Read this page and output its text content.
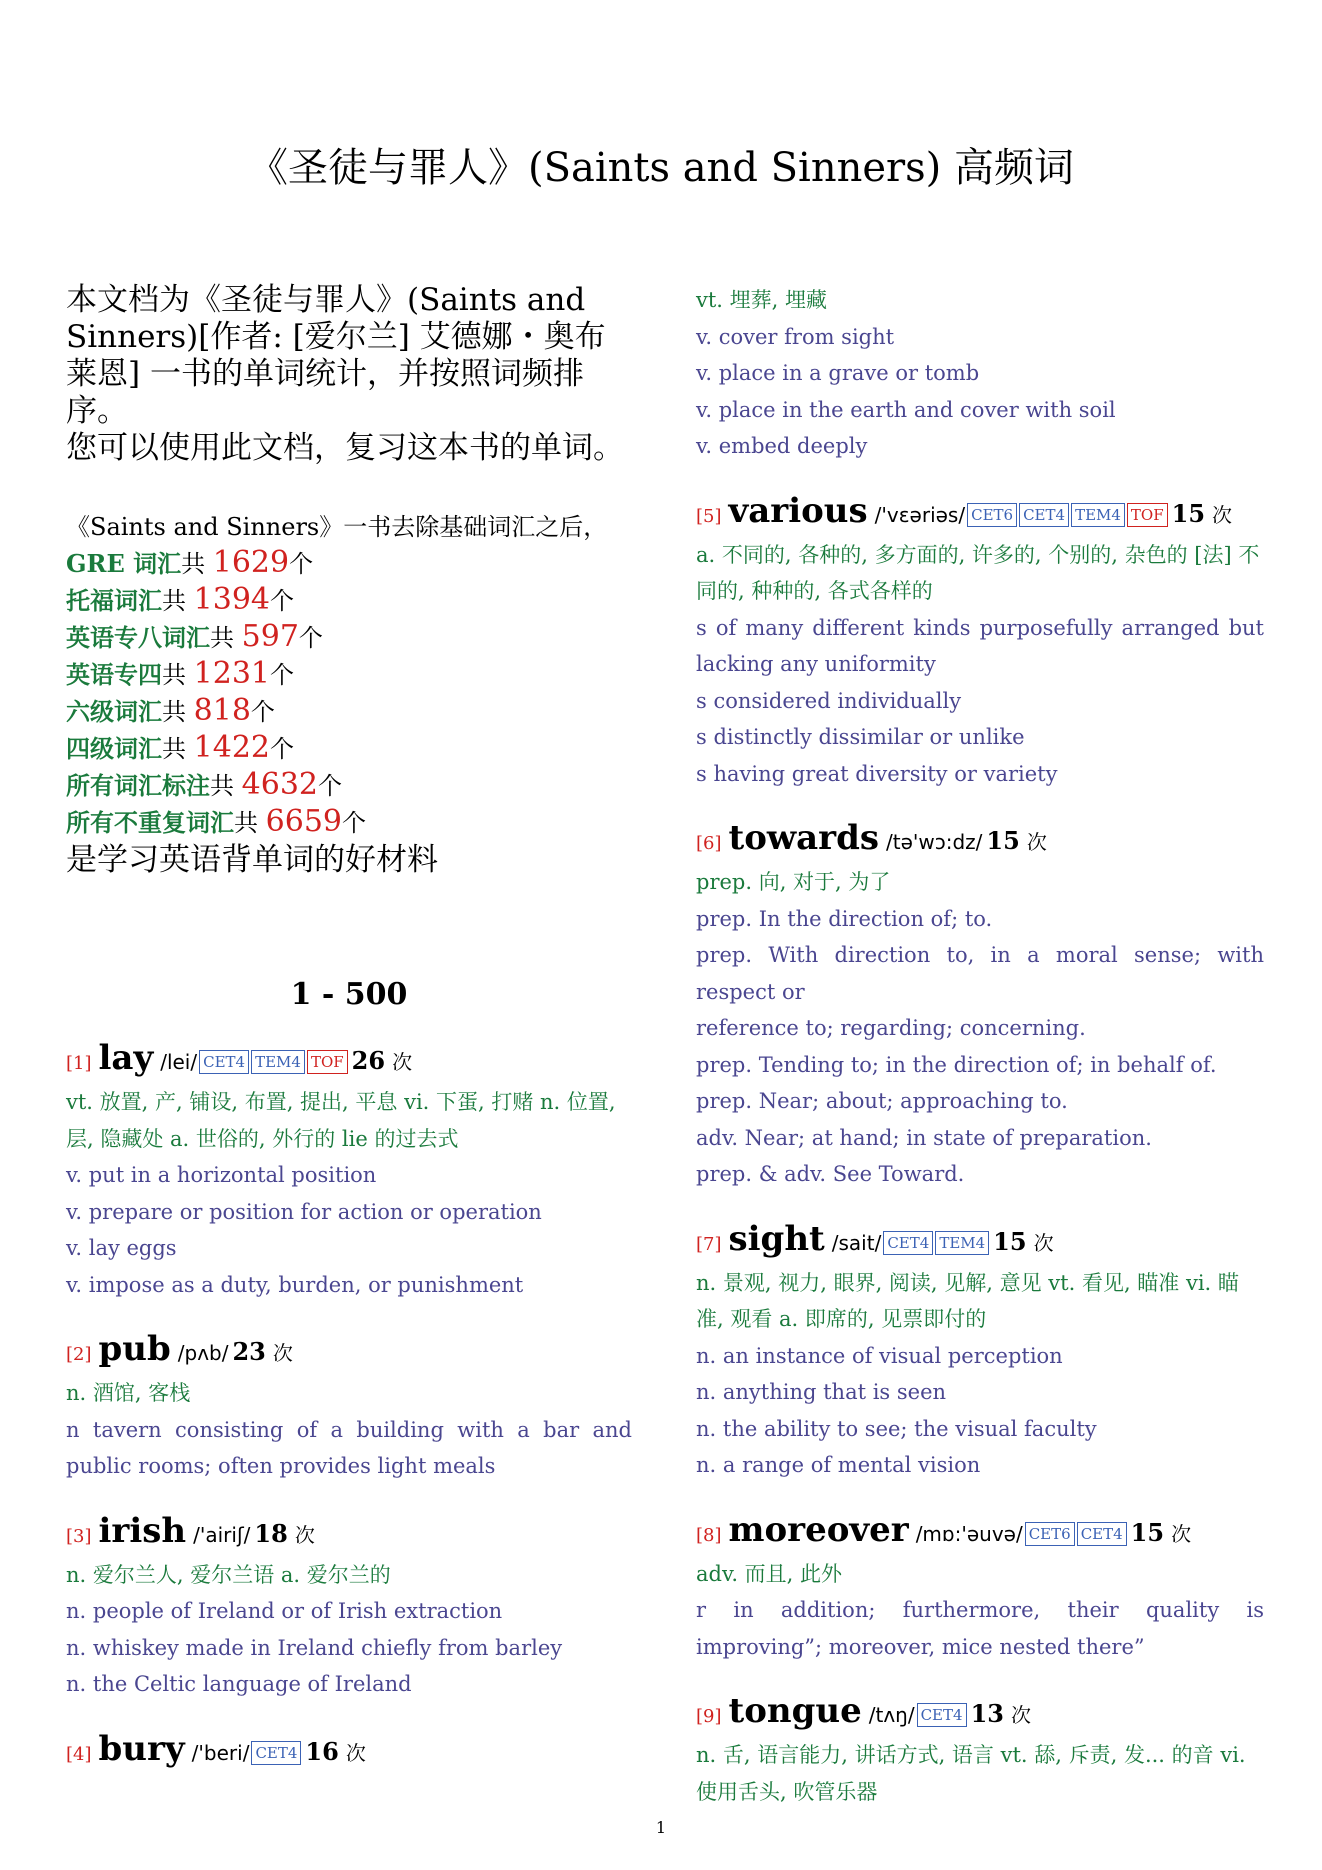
《圣徒与罪人》(Saints and Sinners) 高频词

本文档为《圣徒与罪人》(Saints and Sinners)[作者: [爱尔兰] 艾德娜・奥布莱恩] 一书的单词统计，并按照词频排序。

您可以使用此文档，复习这本书的单词。

《Saints and Sinners》一书去除基础词汇之后，
GRE 词汇共 1629个
托福词汇共 1394个
英语专八词汇共 597个
英语专四共 1231个
六级词汇共 818个
四级词汇共 1422个
所有词汇标注共 4632个
所有不重复词汇共 6659个
是学习英语背单词的好材料
1 - 500
[1] lay /lei/ CET4 TEM4 TOF 26 次
vt. 放置, 产, 铺设, 布置, 提出, 平息 vi. 下蛋, 打赌 n. 位置, 层, 隐藏处 a. 世俗的, 外行的 lie 的过去式
v. put in a horizontal position
v. prepare or position for action or operation
v. lay eggs
v. impose as a duty, burden, or punishment
[2] pub /pʌb/ 23 次
n. 酒馆, 客栈
n tavern consisting of a building with a bar and public rooms; often provides light meals
[3] irish /'airiʃ/ 18 次
n. 爱尔兰人, 爱尔兰语 a. 爱尔兰的
n. people of Ireland or of Irish extraction
n. whiskey made in Ireland chiefly from barley
n. the Celtic language of Ireland
[4] bury /'beri/ CET4 16 次
vt. 埋葬, 埋藏
v. cover from sight
v. place in a grave or tomb
v. place in the earth and cover with soil
v. embed deeply
[5] various /'vɛəriəs/ CET6 CET4 TEM4 TOF 15 次
a. 不同的, 各种的, 多方面的, 许多的, 个别的, 杂色的 [法] 不同的, 种种的, 各式各样的
s of many different kinds purposefully arranged but lacking any uniformity
s considered individually
s distinctly dissimilar or unlike
s having great diversity or variety
[6] towards /tə'wɔ:dz/ 15 次
prep. 向, 对于, 为了
prep. In the direction of; to.
prep. With direction to, in a moral sense; with respect or
reference to; regarding; concerning.
prep. Tending to; in the direction of; in behalf of.
prep. Near; about; approaching to.
adv. Near; at hand; in state of preparation.
prep. & adv. See Toward.
[7] sight /sait/ CET4 TEM4 15 次
n. 景观, 视力, 眼界, 阅读, 见解, 意见 vt. 看见, 瞄准 vi. 瞄准, 观看 a. 即席的, 见票即付的
n. an instance of visual perception
n. anything that is seen
n. the ability to see; the visual faculty
n. a range of mental vision
[8] moreover /mɒ:'əuvə/ CET6 CET4 15 次
adv. 而且, 此外
r in addition; furthermore, their quality is improving”; moreover, mice nested there”
[9] tongue /tʌŋ/ CET4 13 次
n. 舌, 语言能力, 讲话方式, 语言 vt. 舔, 斥责, 发... 的音 vi. 使用舌头, 吹管乐器
1
